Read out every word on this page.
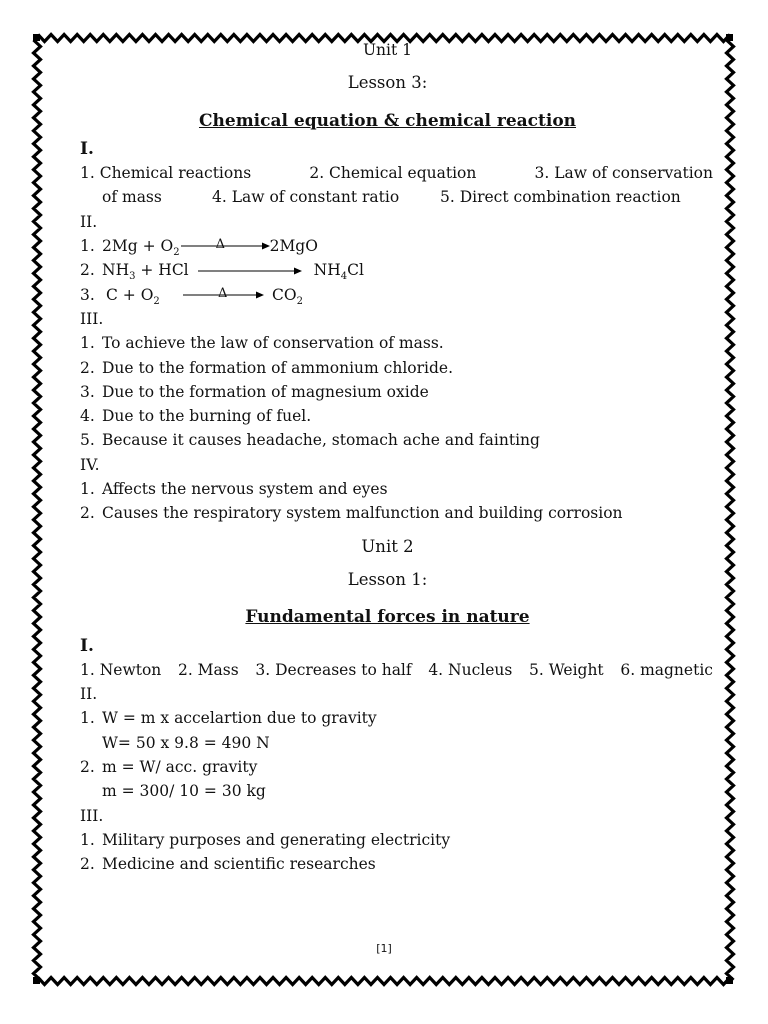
Unit 1
Lesson 3:
Chemical equation & chemical reaction
I.
1. Chemical reactions	2. Chemical equation	3. Law of conservation
of mass	4. Law of constant ratio	5. Direct combination reaction
II.
1. $2Mg + O_2$
Δ	2MgO
2. $NH_3$ + HCl	$NH_4Cl$
3. $C + O_2$
Δ	$CO_2$
III.
1. To achieve the law of conservation of mass.
2. Due to the formation of ammonium chloride.
3. Due to the formation of magnesium oxide
4. Due to the burning of fuel.
5. Because it causes headache, stomach ache and fainting
IV.
1. Affects the nervous system and eyes
2. Causes the respiratory system malfunction and building corrosion
Unit 2
Lesson 1:
Fundamental forces in nature
I.
1. Newton 2. Mass 3. Decreases to half 4. Nucleus 5. Weight 6. magnetic
II.
1. W = m x accelartion due to gravity
W= 50 x 9.8 = 490 N
2. m = W/ acc. gravity
m = 300/ 10 = 30 kg
III.
1. Military purposes and generating electricity
2. Medicine and scientific researches
[1]
